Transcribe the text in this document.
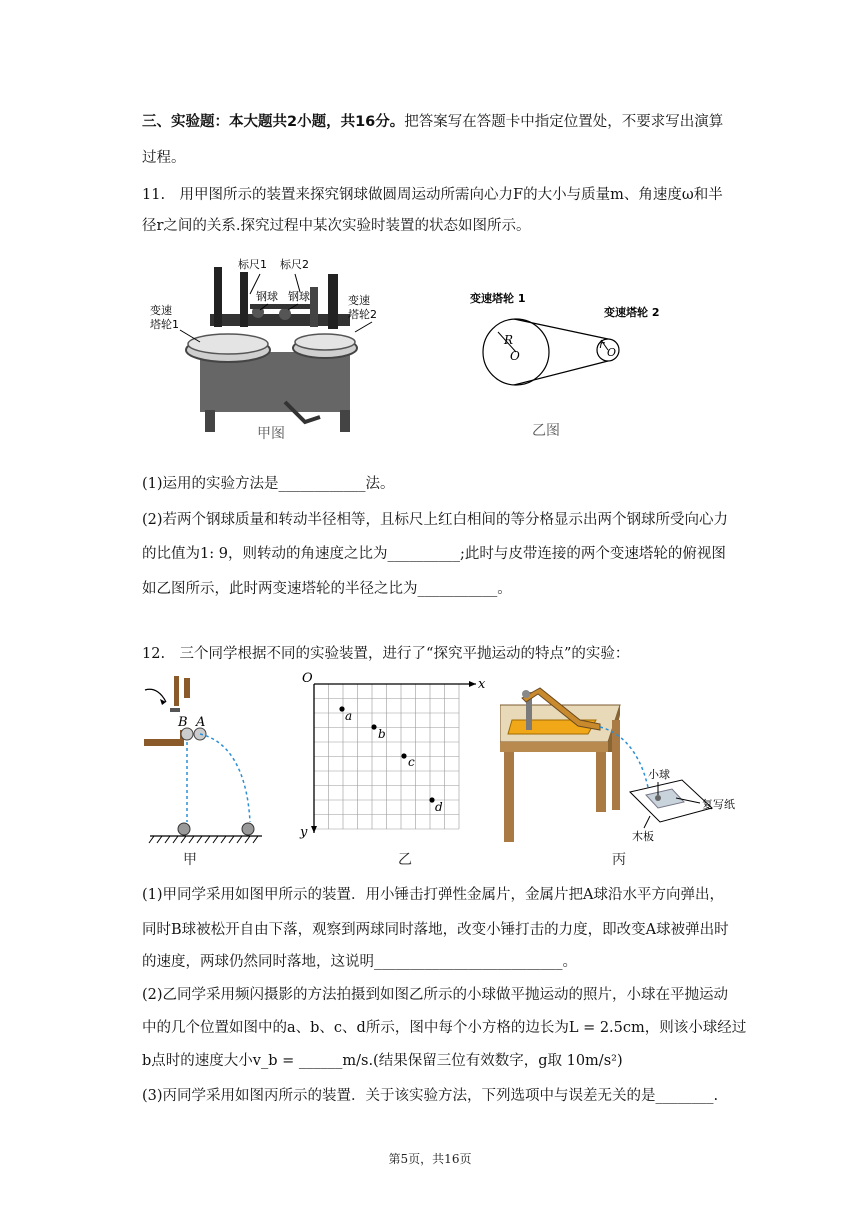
三、实验题：本大题共2小题，共16分。把答案写在答题卡中指定位置处，不要求写出演算
过程。
11.　用甲图所示的装置来探究钢球做圆周运动所需向心力F的大小与质量m、角速度ω和半
径r之间的关系.探究过程中某次实验时装置的状态如图所示。
标尺1 标尺2
钢球 钢球
变速
塔轮1
变速
塔轮2
甲图
变速塔轮 1
变速塔轮 2
R
O
r
O
乙图
(1)运用的实验方法是____________法。
(2)若两个钢球质量和转动半径相等，且标尺上红白相间的等分格显示出两个钢球所受向心力
的比值为1: 9，则转动的角速度之比为__________;此时与皮带连接的两个变速塔轮的俯视图
如乙图所示，此时两变速塔轮的半径之比为___________。
12.　三个同学根据不同的实验装置，进行了“探究平抛运动的特点”的实验：
B A
甲
O	x
y
a
b
c
d
乙
小球
复写纸
木板
丙
(1)甲同学采用如图甲所示的装置．用小锤击打弹性金属片，金属片把A球沿水平方向弹出，
同时B球被松开自由下落，观察到两球同时落地，改变小锤打击的力度，即改变A球被弹出时
的速度，两球仍然同时落地，这说明__________________________。
(2)乙同学采用频闪摄影的方法拍摄到如图乙所示的小球做平抛运动的照片，小球在平抛运动
中的几个位置如图中的a、b、c、d所示，图中每个小方格的边长为L = 2.5cm，则该小球经过
b点时的速度大小v_b = ______m/s.(结果保留三位有效数字，g取 10m/s²)
(3)丙同学采用如图丙所示的装置．关于该实验方法，下列选项中与误差无关的是________.
第5页，共16页
